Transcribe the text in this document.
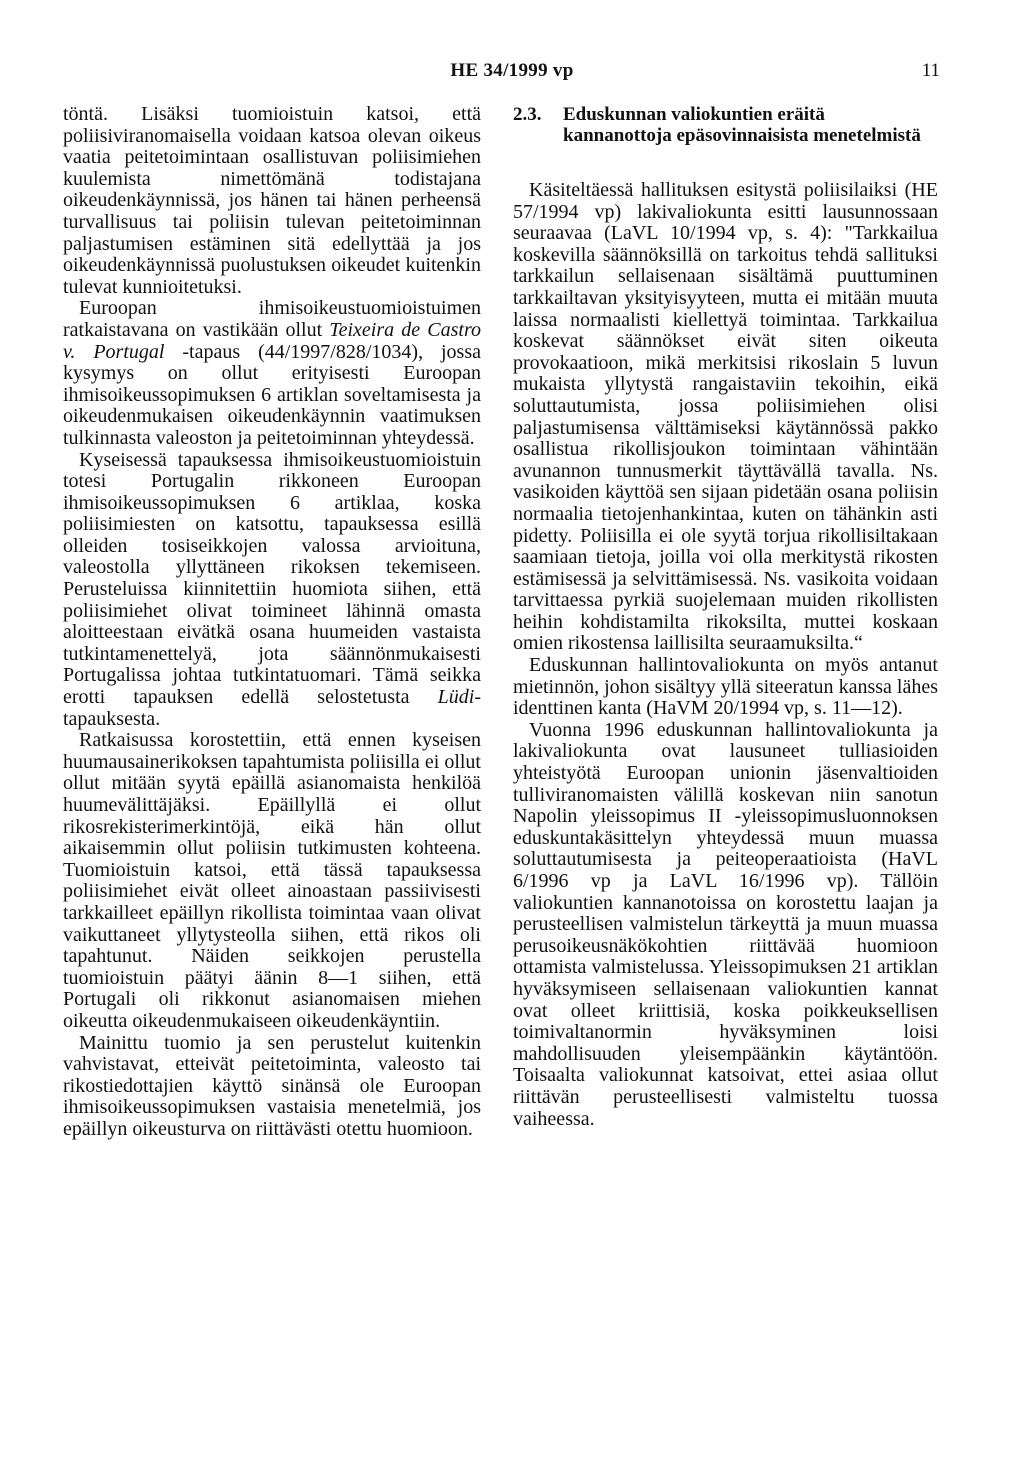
HE 34/1999 vp	11

töntä. Lisäksi tuomioistuin katsoi, että poliisiviranomaisella voidaan katsoa olevan oikeus vaatia peitetoimintaan osallistuvan poliisimiehen kuulemista nimettömänä todistajana oikeudenkäynnissä, jos hänen tai hänen perheensä turvallisuus tai poliisin tulevan peitetoiminnan paljastumisen estäminen sitä edellyttää ja jos oikeudenkäynnissä puolustuksen oikeudet kuitenkin tulevat kunnioitetuksi.

Euroopan ihmisoikeustuomioistuimen ratkaistavana on vastikään ollut Teixeira de Castro v. Portugal -tapaus (44/1997/828/1034), jossa kysymys on ollut erityisesti Euroopan ihmisoikeussopimuksen 6 artiklan soveltamisesta ja oikeudenmukaisen oikeudenkäynnin vaatimuksen tulkinnasta valeoston ja peitetoiminnan yhteydessä.

Kyseisessä tapauksessa ihmisoikeustuomioistuin totesi Portugalin rikkoneen Euroopan ihmisoikeussopimuksen 6 artiklaa, koska poliisimiesten on katsottu, tapauksessa esillä olleiden tosiseikkojen valossa arvioituna, valeostolla yllyttäneen rikoksen tekemiseen. Perusteluissa kiinnitettiin huomiota siihen, että poliisimiehet olivat toimineet lähinnä omasta aloitteestaan eivätkä osana huumeiden vastaista tutkintamenettelyä, jota säännönmukaisesti Portugalissa johtaa tutkintatuomari. Tämä seikka erotti tapauksen edellä selostetusta Lüdi-tapauksesta.

Ratkaisussa korostettiin, että ennen kyseisen huumausainerikoksen tapahtumista poliisilla ei ollut ollut mitään syytä epäillä asianomaista henkilöä huumevälittäjäksi. Epäillyllä ei ollut rikosrekisterimerkintöjä, eikä hän ollut aikaisemmin ollut poliisin tutkimusten kohteena. Tuomioistuin katsoi, että tässä tapauksessa poliisimiehet eivät olleet ainoastaan passiivisesti tarkkailleet epäillyn rikollista toimintaa vaan olivat vaikuttaneet yllytysteolla siihen, että rikos oli tapahtunut. Näiden seikkojen perustella tuomioistuin päätyi äänin 8—1 siihen, että Portugali oli rikkonut asianomaisen miehen oikeutta oikeudenmukaiseen oikeudenkäyntiin.

Mainittu tuomio ja sen perustelut kuitenkin vahvistavat, etteivät peitetoiminta, valeosto tai rikostiedottajien käyttö sinänsä ole Euroopan ihmisoikeussopimuksen vastaisia menetelmiä, jos epäillyn oikeusturva on riittävästi otettu huomioon.

2.3.	Eduskunnan valiokuntien eräitä kannanottoja epäsovinnaisista menetelmistä

Käsiteltäessä hallituksen esitystä poliisilaiksi (HE 57/1994 vp) lakivaliokunta esitti lausunnossaan seuraavaa (LaVL 10/1994 vp, s. 4): "Tarkkailua koskevilla säännöksillä on tarkoitus tehdä sallituksi tarkkailun sellaisenaan sisältämä puuttuminen tarkkailtavan yksityisyyteen, mutta ei mitään muuta laissa normaalisti kiellettyä toimintaa. Tarkkailua koskevat säännökset eivät siten oikeuta provokaatioon, mikä merkitsisi rikoslain 5 luvun mukaista yllytystä rangaistaviin tekoihin, eikä soluttautumista, jossa poliisimiehen olisi paljastumisensa välttämiseksi käytännössä pakko osallistua rikollisjoukon toimintaan vähintään avunannon tunnusmerkit täyttävällä tavalla. Ns. vasikoiden käyttöä sen sijaan pidetään osana poliisin normaalia tietojenhankintaa, kuten on tähänkin asti pidetty. Poliisilla ei ole syytä torjua rikollisiltakaan saamiaan tietoja, joilla voi olla merkitystä rikosten estämisessä ja selvittämisessä. Ns. vasikoita voidaan tarvittaessa pyrkiä suojelemaan muiden rikollisten heihin kohdistamilta rikoksilta, muttei koskaan omien rikostensa laillisilta seuraamuksilta.“

Eduskunnan hallintovaliokunta on myös antanut mietinnön, johon sisältyy yllä siteeratun kanssa lähes identtinen kanta (HaVM 20/1994 vp, s. 11—12).

Vuonna 1996 eduskunnan hallintovaliokunta ja lakivaliokunta ovat lausuneet tulliasioiden yhteistyötä Euroopan unionin jäsenvaltioiden tulliviranomaisten välillä koskevan niin sanotun Napolin yleissopimus II -yleissopimusluonnoksen eduskuntakäsittelyn yhteydessä muun muassa soluttautumisesta ja peiteoperaatioista (HaVL 6/1996 vp ja LaVL 16/1996 vp). Tällöin valiokuntien kannanotoissa on korostettu laajan ja perusteellisen valmistelun tärkeyttä ja muun muassa perusoikeusnäkökohtien riittävää huomioon ottamista valmistelussa. Yleissopimuksen 21 artiklan hyväksymiseen sellaisenaan valiokuntien kannat ovat olleet kriittisiä, koska poikkeuksellisen toimivaltanormin hyväksyminen loisi mahdollisuuden yleisempäänkin käytäntöön. Toisaalta valiokunnat katsoivat, ettei asiaa ollut riittävän perusteellisesti valmisteltu tuossa vaiheessa.
